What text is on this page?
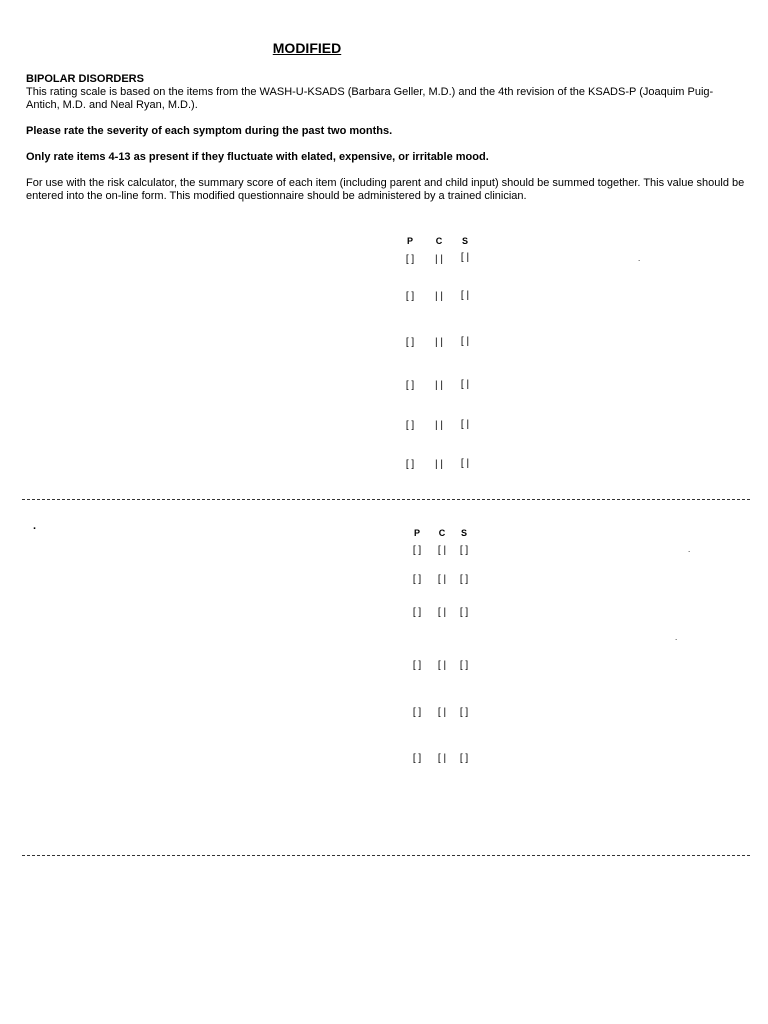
MODIFIED

BIPOLAR DISORDERS

This rating scale is based on the items from the WASH-U-KSADS (Barbara Geller, M.D.) and the 4th revision of the KSADS-P (Joaquim Puig-Antich, M.D. and Neal Ryan, M.D.).

Please rate the severity of each symptom during the past two months.

Only rate items 4-13 as present if they fluctuate with elated, expensive, or irritable mood.

For use with the risk calculator, the summary score of each item (including parent and child input) should be summed together. This value should be entered into the on-line form. This modified questionnaire should be administered by a trained clinician.

P	C	S
[ ]	| |	[ |
[ ]	| |	[ |
[ ]	| |	[ |
[ ]	| |	[ |
[ ]	| |	[ |
[ ]	| |	[ |
.
.
P	C	S
[ ] [ | [ ]
[ ] [ | [ ]
[ ] [ | [ ]
[ ] [ | [ ]
[ ] [ | [ ]
[ ] [ | [ ]
.
.
